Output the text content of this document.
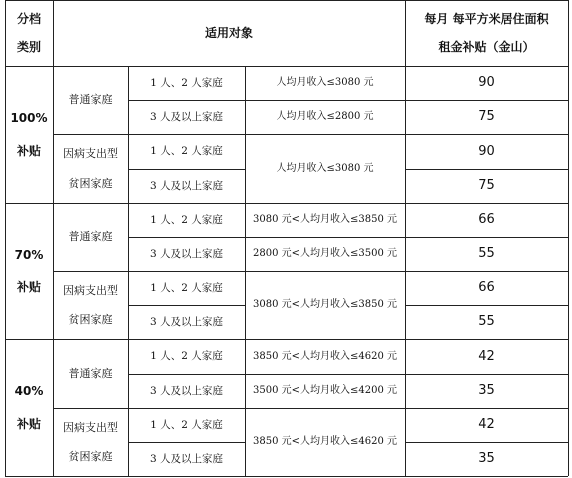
分档
类别
适用对象
每月 每平方米居住面积
租金补贴（金山）
100%
补贴
普通家庭
1 人、2 人家庭
3 人及以上家庭
人均月收入≤3080 元
人均月收入≤2800 元
90
75
因病支出型
贫困家庭
1 人、2 人家庭
3 人及以上家庭
人均月收入≤3080 元
90
75
70%
补贴
普通家庭
1 人、2 人家庭
3 人及以上家庭
3080 元<人均月收入≤3850 元
2800 元<人均月收入≤3500 元
66
55
因病支出型
贫困家庭
1 人、2 人家庭
3 人及以上家庭
3080 元<人均月收入≤3850 元
66
55
40%
补贴
普通家庭
1 人、2 人家庭
3 人及以上家庭
3850 元<人均月收入≤4620 元
3500 元<人均月收入≤4200 元
42
35
因病支出型
贫困家庭
1 人、2 人家庭
3 人及以上家庭
3850 元<人均月收入≤4620 元
42
35
